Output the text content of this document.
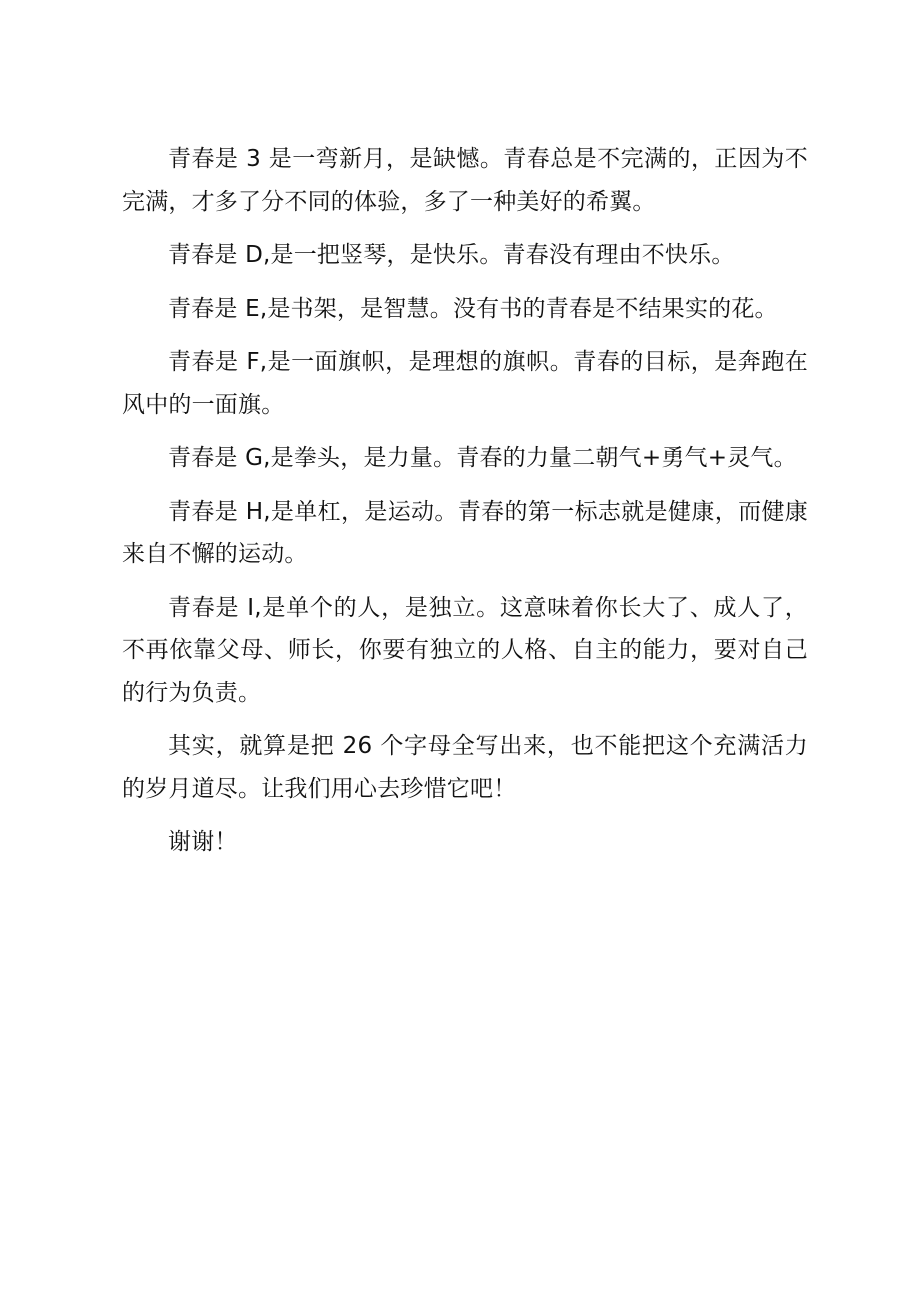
青春是 3 是一弯新月，是缺憾。青春总是不完满的，正因为不完满，才多了分不同的体验，多了一种美好的希翼。

青春是 D,是一把竖琴，是快乐。青春没有理由不快乐。

青春是 E,是书架，是智慧。没有书的青春是不结果实的花。

青春是 F,是一面旗帜，是理想的旗帜。青春的目标，是奔跑在风中的一面旗。

青春是 G,是拳头，是力量。青春的力量二朝气+勇气+灵气。

青春是 H,是单杠，是运动。青春的第一标志就是健康，而健康来自不懈的运动。

青春是 I,是单个的人，是独立。这意味着你长大了、成人了，不再依靠父母、师长，你要有独立的人格、自主的能力，要对自己的行为负责。

其实，就算是把 26 个字母全写出来，也不能把这个充满活力的岁月道尽。让我们用心去珍惜它吧！

谢谢！
